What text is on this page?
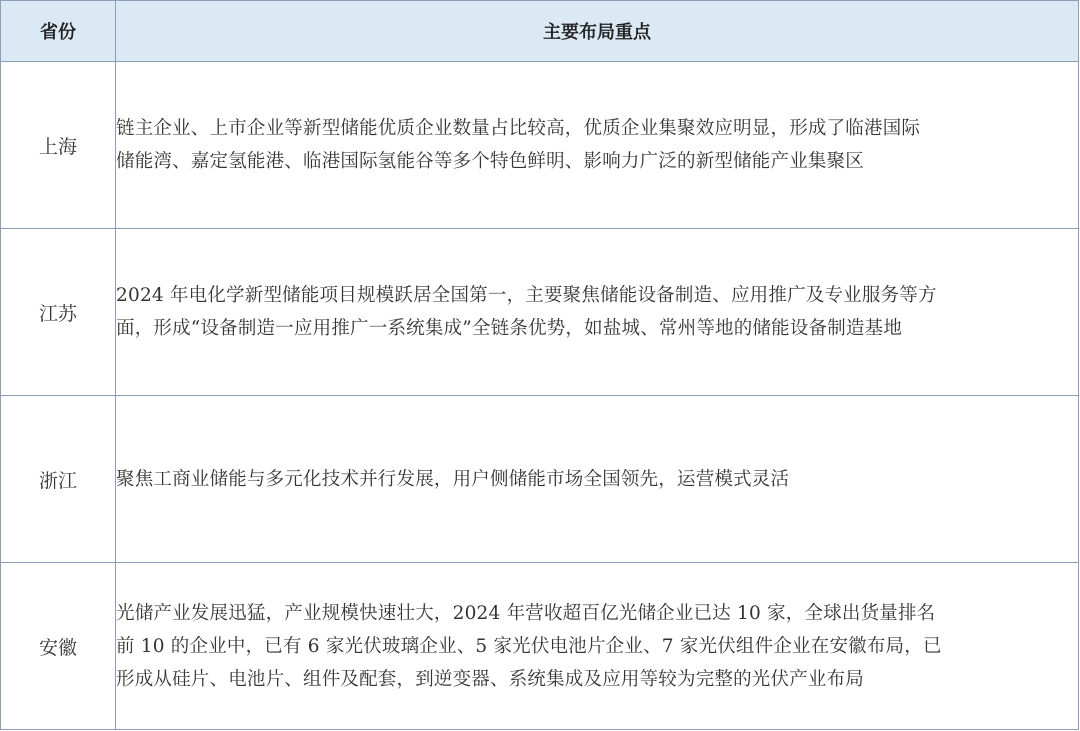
省份	主要布局重点
上海	链主企业、上市企业等新型储能优质企业数量占比较高，优质企业集聚效应明显，形成了临港国际
储能湾、嘉定氢能港、临港国际氢能谷等多个特色鲜明、影响力广泛的新型储能产业集聚区

江苏	2024 年电化学新型储能项目规模跃居全国第一，主要聚焦储能设备制造、应用推广及专业服务等方
面，形成“设备制造一应用推广一系统集成”全链条优势，如盐城、常州等地的储能设备制造基地

浙江	聚焦工商业储能与多元化技术并行发展，用户侧储能市场全国领先，运营模式灵活

安徽	光储产业发展迅猛，产业规模快速壮大，2024 年营收超百亿光储企业已达 10 家，全球出货量排名
前 10 的企业中，已有 6 家光伏玻璃企业、5 家光伏电池片企业、7 家光伏组件企业在安徽布局，已
形成从硅片、电池片、组件及配套，到逆变器、系统集成及应用等较为完整的光伏产业布局
